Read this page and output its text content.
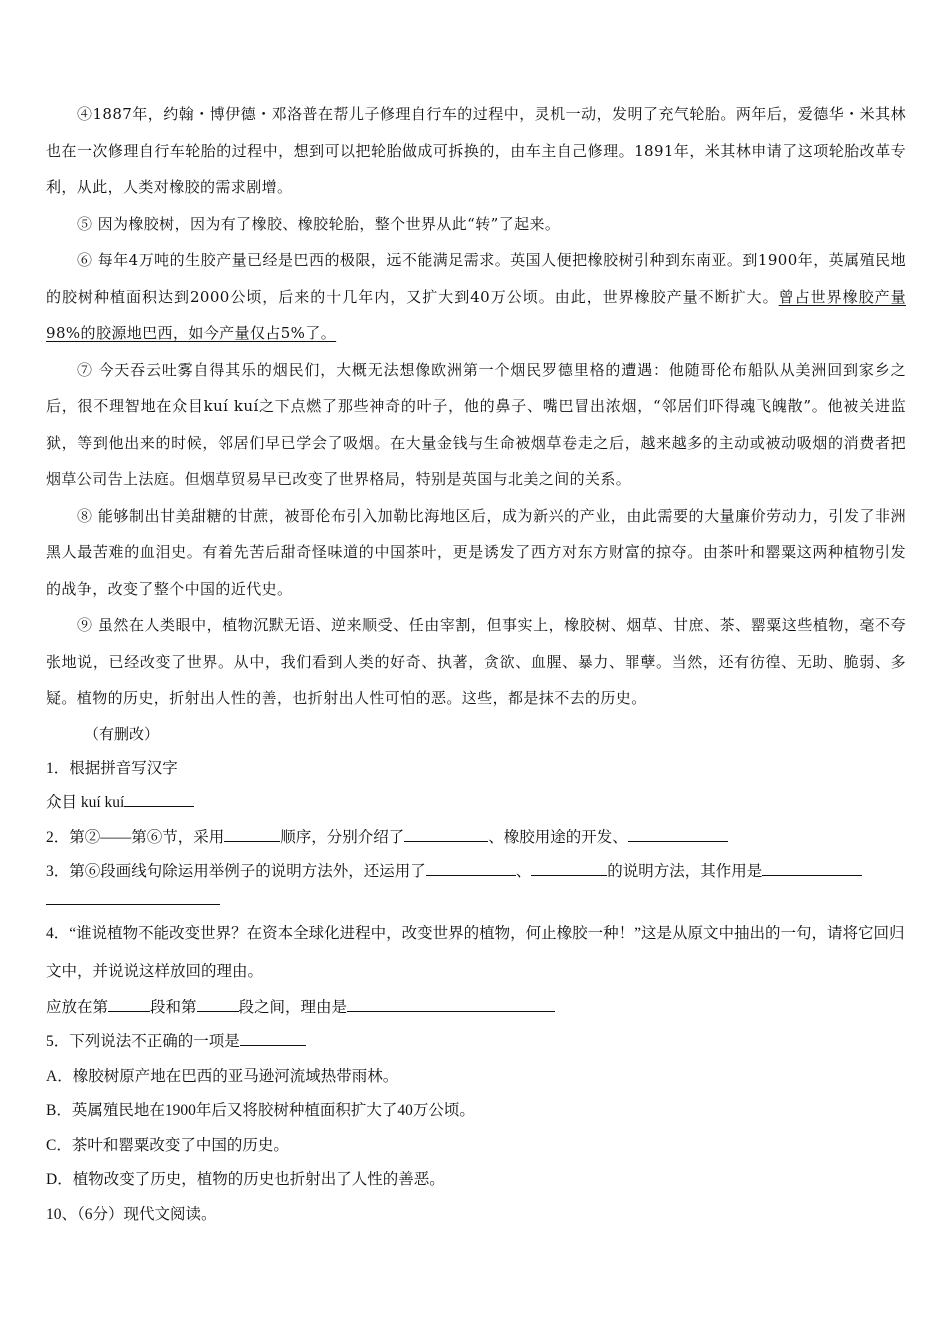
④1887年，约翰・博伊德・邓洛普在帮儿子修理自行车的过程中，灵机一动，发明了充气轮胎。两年后，爱德华・米其林也在一次修理自行车轮胎的过程中，想到可以把轮胎做成可拆换的，由车主自己修理。1891年，米其林申请了这项轮胎改革专利，从此，人类对橡胶的需求剧增。

⑤ 因为橡胶树，因为有了橡胶、橡胶轮胎，整个世界从此“转”了起来。

⑥ 每年4万吨的生胶产量已经是巴西的极限，远不能满足需求。英国人便把橡胶树引种到东南亚。到1900年，英属殖民地的胶树种植面积达到2000公顷，后来的十几年内，又扩大到40万公顷。由此，世界橡胶产量不断扩大。曾占世界橡胶产量98%的胶源地巴西，如今产量仅占5%了。

⑦ 今天吞云吐雾自得其乐的烟民们，大概无法想像欧洲第一个烟民罗德里格的遭遇：他随哥伦布船队从美洲回到家乡之后，很不理智地在众目kuí kuí之下点燃了那些神奇的叶子，他的鼻子、嘴巴冒出浓烟，“邻居们吓得魂飞魄散”。他被关进监狱，等到他出来的时候，邻居们早已学会了吸烟。在大量金钱与生命被烟草卷走之后，越来越多的主动或被动吸烟的消费者把烟草公司告上法庭。但烟草贸易早已改变了世界格局，特别是英国与北美之间的关系。

⑧ 能够制出甘美甜糖的甘蔗，被哥伦布引入加勒比海地区后，成为新兴的产业，由此需要的大量廉价劳动力，引发了非洲黑人最苦难的血泪史。有着先苦后甜奇怪味道的中国茶叶，更是诱发了西方对东方财富的掠夺。由茶叶和罂粟这两种植物引发的战争，改变了整个中国的近代史。

⑨ 虽然在人类眼中，植物沉默无语、逆来顺受、任由宰割，但事实上，橡胶树、烟草、甘庶、茶、罂粟这些植物，毫不夸张地说，已经改变了世界。从中，我们看到人类的好奇、执著，贪欲、血腥、暴力、罪孽。当然，还有彷徨、无助、脆弱、多疑。植物的历史，折射出人性的善，也折射出人性可怕的恶。这些，都是抹不去的历史。

（有删改）

1．根据拼音写汉字

众目 kuí kuí

2．第②——第⑥节，采用	顺序，分别介绍了	、橡胶用途的开发、

3．第⑥段画线句除运用举例子的说明方法外，还运用了	、	的说明方法，其作用是

4．“谁说植物不能改变世界？在资本全球化进程中，改变世界的植物，何止橡胶一种！”这是从原文中抽出的一句，请将它回归文中，并说说这样放回的理由。

应放在第	段和第	段之间，理由是

5．下列说法不正确的一项是

A．橡胶树原产地在巴西的亚马逊河流域热带雨林。

B．英属殖民地在1900年后又将胶树种植面积扩大了40万公顷。

C．茶叶和罂粟改变了中国的历史。

D．植物改变了历史，植物的历史也折射出了人性的善恶。

10、（6分）现代文阅读。
